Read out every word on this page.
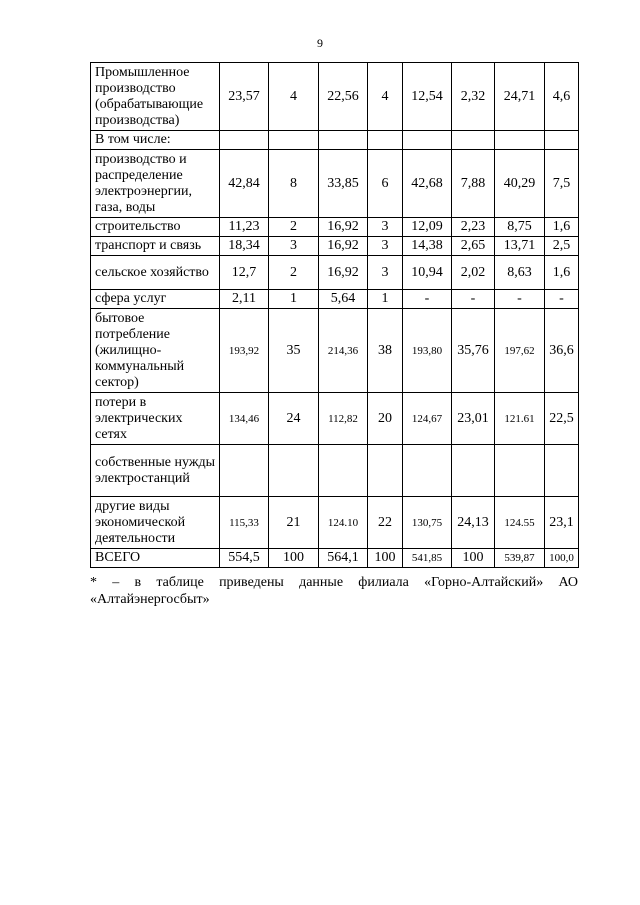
9
Промышленное производство (обрабатывающие производства)	23,57	4	22,56	4	12,54	2,32	24,71	4,6
В том числе:								
производство и распределение электроэнергии, газа, воды	42,84	8	33,85	6	42,68	7,88	40,29	7,5
строительство	11,23	2	16,92	3	12,09	2,23	8,75	1,6
транспорт и связь	18,34	3	16,92	3	14,38	2,65	13,71	2,5
сельское хозяйство	12,7	2	16,92	3	10,94	2,02	8,63	1,6
сфера услуг	2,11	1	5,64	1	-	-	-	-
бытовое потребление (жилищно-коммунальный сектор)	193,92	35	214,36	38	193,80	35,76	197,62	36,6
потери в электрических сетях	134,46	24	112,82	20	124,67	23,01	121.61	22,5
собственные нужды электростанций								
другие виды экономической деятельности	115,33	21	124.10	22	130,75	24,13	124.55	23,1
ВСЕГО	554,5	100	564,1	100	541,85	100	539,87	100,0
* – в таблице приведены данные филиала «Горно-Алтайский» АО «Алтайэнергосбыт»
